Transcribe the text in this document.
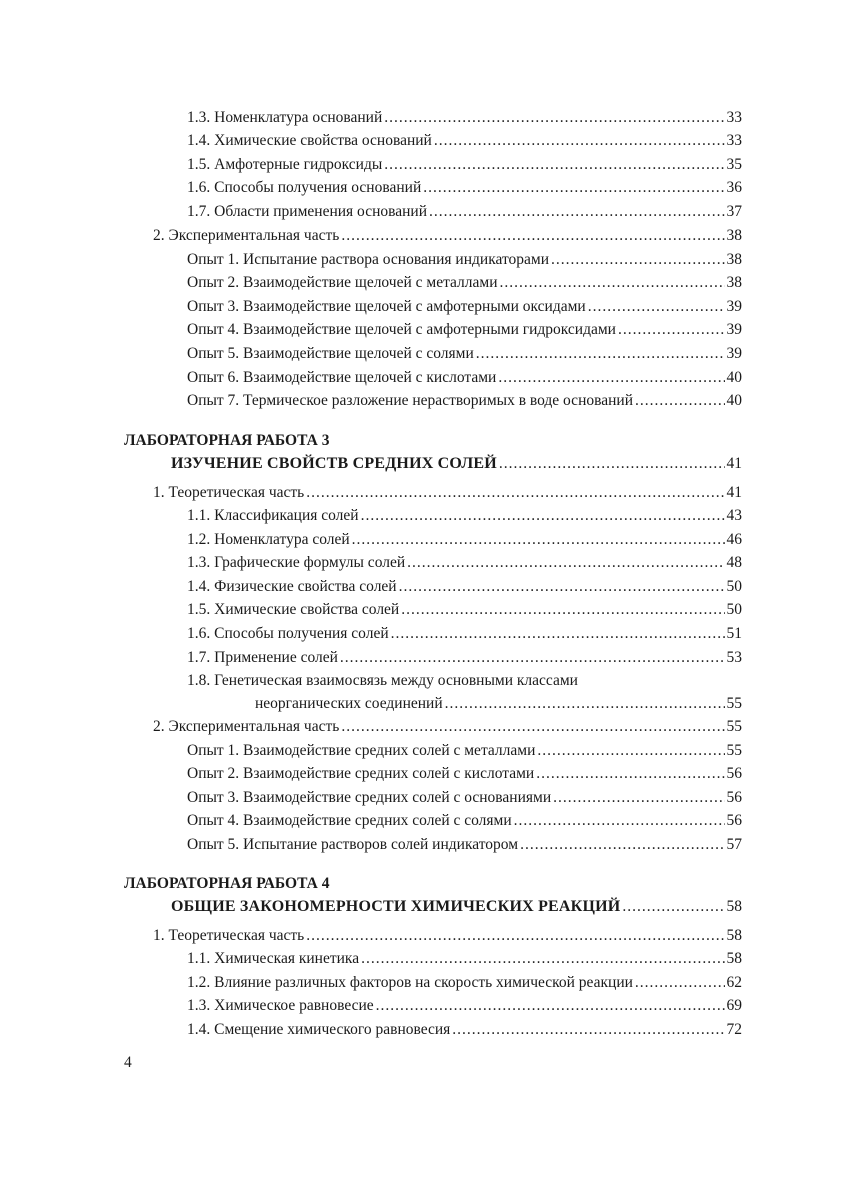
1.3. Номенклатура оснований .....	33
1.4. Химические свойства оснований .....	33
1.5. Амфотерные гидроксиды .....	35
1.6. Способы получения оснований .....	36
1.7. Области применения оснований .....	37
2. Экспериментальная часть .....	38
Опыт 1. Испытание раствора основания индикаторами .....	38
Опыт 2. Взаимодействие щелочей с металлами .....	38
Опыт 3. Взаимодействие щелочей с амфотерными оксидами .....	39
Опыт 4. Взаимодействие щелочей с амфотерными гидроксидами .....	39
Опыт 5. Взаимодействие щелочей с солями .....	39
Опыт 6. Взаимодействие щелочей с кислотами .....	40
Опыт 7. Термическое разложение нерастворимых в воде оснований .....	40
ЛАБОРАТОРНАЯ РАБОТА 3
ИЗУЧЕНИЕ СВОЙСТВ СРЕДНИХ СОЛЕЙ .....	41
1. Теоретическая часть .....	41
1.1. Классификация солей .....	43
1.2. Номенклатура солей .....	46
1.3. Графические формулы солей .....	48
1.4. Физические свойства солей .....	50
1.5. Химические свойства солей .....	50
1.6. Способы получения солей .....	51
1.7. Применение солей .....	53
1.8. Генетическая взаимосвязь между основными классами
неорганических соединений .....	55
2. Экспериментальная часть .....	55
Опыт 1. Взаимодействие средних солей с металлами .....	55
Опыт 2. Взаимодействие средних солей с кислотами .....	56
Опыт 3. Взаимодействие средних солей с основаниями .....	56
Опыт 4. Взаимодействие средних солей с солями .....	56
Опыт 5. Испытание растворов солей индикатором .....	57
ЛАБОРАТОРНАЯ РАБОТА 4
ОБЩИЕ ЗАКОНОМЕРНОСТИ ХИМИЧЕСКИХ РЕАКЦИЙ .....	58
1. Теоретическая часть .....	58
1.1. Химическая кинетика .....	58
1.2. Влияние различных факторов на скорость химической реакции .....	62
1.3. Химическое равновесие .....	69
1.4. Смещение химического равновесия .....	72
4
